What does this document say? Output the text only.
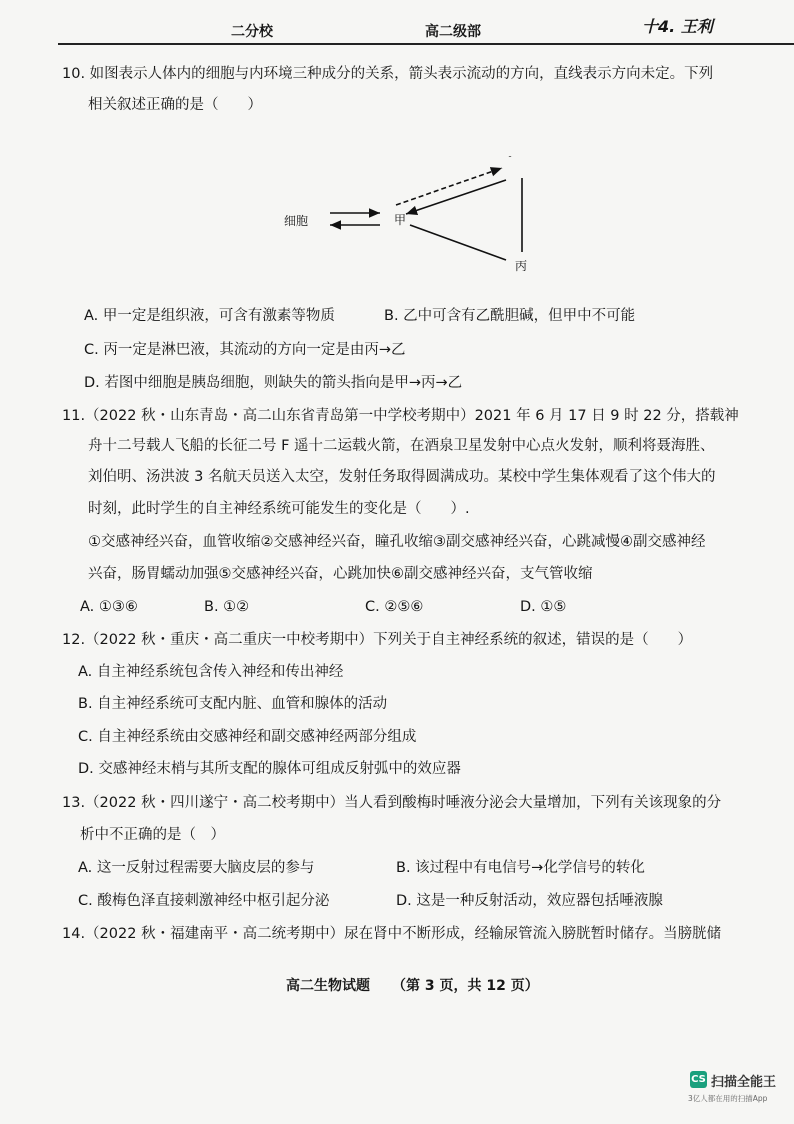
二分校	高二级部	十4. 王利
10. 如图表示人体内的细胞与内环境三种成分的关系，箭头表示流动的方向，直线表示方向未定。下列
相关叙述正确的是（　　）
ˉ
细胞	甲
丙
A. 甲一定是组织液，可含有激素等物质	B. 乙中可含有乙酰胆碱，但甲中不可能
C. 丙一定是淋巴液，其流动的方向一定是由丙→乙
D. 若图中细胞是胰岛细胞，则缺失的箭头指向是甲→丙→乙
11.（2022 秋・山东青岛・高二山东省青岛第一中学校考期中）2021 年 6 月 17 日 9 时 22 分，搭载神
舟十二号载人飞船的长征二号 F 遥十二运载火箭，在酒泉卫星发射中心点火发射，顺利将聂海胜、
刘伯明、汤洪波 3 名航天员送入太空，发射任务取得圆满成功。某校中学生集体观看了这个伟大的
时刻，此时学生的自主神经系统可能发生的变化是（　　）.
①交感神经兴奋，血管收缩②交感神经兴奋，瞳孔收缩③副交感神经兴奋，心跳减慢④副交感神经
兴奋，肠胃蠕动加强⑤交感神经兴奋，心跳加快⑥副交感神经兴奋，支气管收缩
A. ①③⑥	B. ①②	C. ②⑤⑥	D. ①⑤
12.（2022 秋・重庆・高二重庆一中校考期中）下列关于自主神经系统的叙述，错误的是（　　）
A. 自主神经系统包含传入神经和传出神经
B. 自主神经系统可支配内脏、血管和腺体的活动
C. 自主神经系统由交感神经和副交感神经两部分组成
D. 交感神经末梢与其所支配的腺体可组成反射弧中的效应器
13.（2022 秋・四川遂宁・高二校考期中）当人看到酸梅时唾液分泌会大量增加，下列有关该现象的分
析中不正确的是（　）
A. 这一反射过程需要大脑皮层的参与	B. 该过程中有电信号→化学信号的转化
C. 酸梅色泽直接刺激神经中枢引起分泌	D. 这是一种反射活动，效应器包括唾液腺
14.（2022 秋・福建南平・高二统考期中）尿在肾中不断形成，经输尿管流入膀胱暂时储存。当膀胱储
高二生物试题 （第 3 页，共 12 页）
CS 扫描全能王
3亿人都在用的扫描App
